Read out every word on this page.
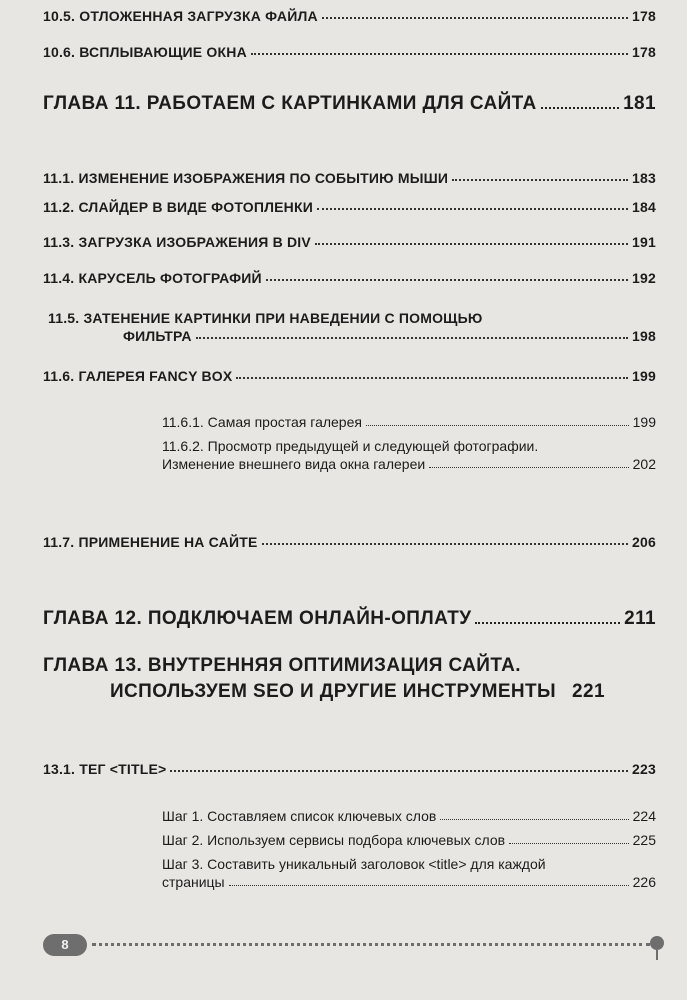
10.5. ОТЛОЖЕННАЯ ЗАГРУЗКА ФАЙЛА	178
10.6. ВСПЛЫВАЮЩИЕ ОКНА	178
ГЛАВА 11. РАБОТАЕМ С КАРТИНКАМИ ДЛЯ САЙТА	181
11.1. ИЗМЕНЕНИЕ ИЗОБРАЖЕНИЯ ПО СОБЫТИЮ МЫШИ	183
11.2. СЛАЙДЕР В ВИДЕ ФОТОПЛЕНКИ	184
11.3. ЗАГРУЗКА ИЗОБРАЖЕНИЯ В DIV	191
11.4. КАРУСЕЛЬ ФОТОГРАФИЙ	192
11.5. ЗАТЕНЕНИЕ КАРТИНКИ ПРИ НАВЕДЕНИИ С ПОМОЩЬЮ
ФИЛЬТРА	198
11.6. ГАЛЕРЕЯ FANCY BOX	199
11.6.1. Самая простая галерея	199
11.6.2. Просмотр предыдущей и следующей фотографии.
Изменение внешнего вида окна галереи	202
11.7. ПРИМЕНЕНИЕ НА САЙТЕ	206
ГЛАВА 12. ПОДКЛЮЧАЕМ ОНЛАЙН-ОПЛАТУ	211
ГЛАВА 13. ВНУТРЕННЯЯ ОПТИМИЗАЦИЯ САЙТА.
ИСПОЛЬЗУЕМ SEO И ДРУГИЕ ИНСТРУМЕНТЫ 221
13.1. ТЕГ <TITLE>	223
Шаг 1. Составляем список ключевых слов	224
Шаг 2. Используем сервисы подбора ключевых слов	225
Шаг 3. Составить уникальный заголовок <title> для каждой
страницы	226
8
